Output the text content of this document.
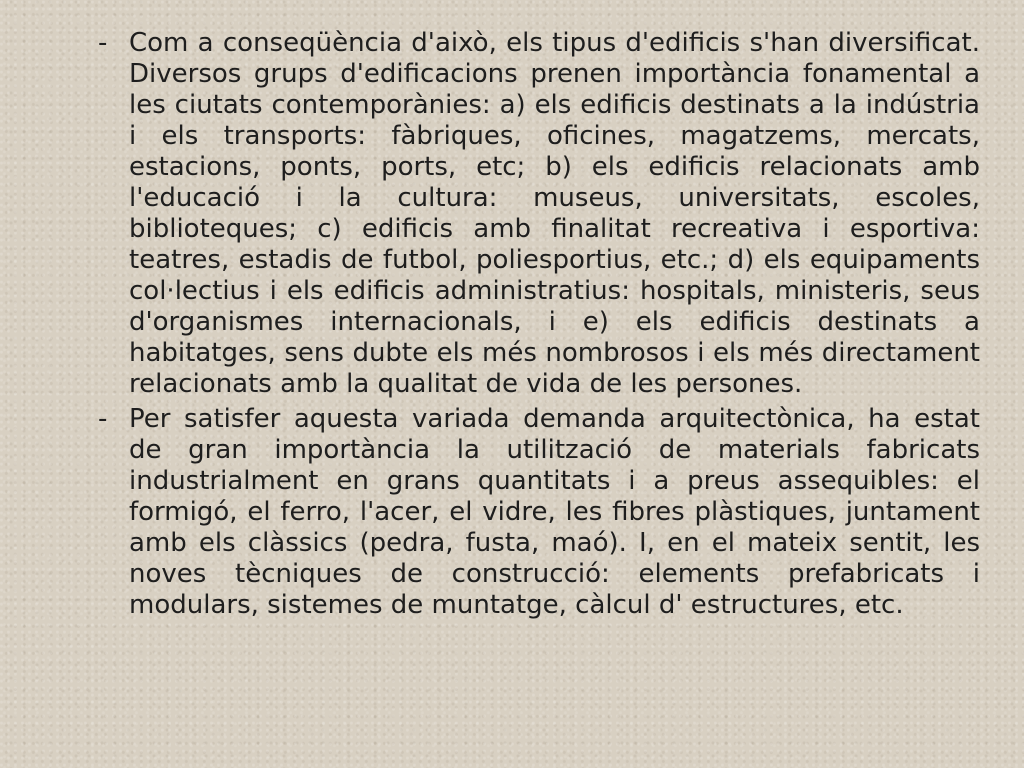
- Com a conseqüència d'això, els tipus d'edificis s'han diversificat. Diversos grups d'edificacions prenen importància fonamental a les ciutats contemporànies: a) els edificis destinats a la indústria i els transports: fàbriques, oficines, magatzems, mercats, estacions, ponts, ports, etc; b) els edificis relacionats amb l'educació i la cultura: museus, universitats, escoles, biblioteques; c) edificis amb finalitat recreativa i esportiva: teatres, estadis de futbol, poliesportius, etc.; d) els equipaments col·lectius i els edificis administratius: hospitals, ministeris, seus d'organismes internacionals, i e) els edificis destinats a habitatges, sens dubte els més nombrosos i els més directament relacionats amb la qualitat de vida de les persones.
- Per satisfer aquesta variada demanda arquitectònica, ha estat de gran importància la utilització de materials fabricats industrialment en grans quantitats i a preus assequibles: el formigó, el ferro, l'acer, el vidre, les fibres plàstiques, juntament amb els clàssics (pedra, fusta, maó). I, en el mateix sentit, les noves tècniques de construcció: elements prefabricats i modulars, sistemes de muntatge, càlcul d' estructures, etc.
